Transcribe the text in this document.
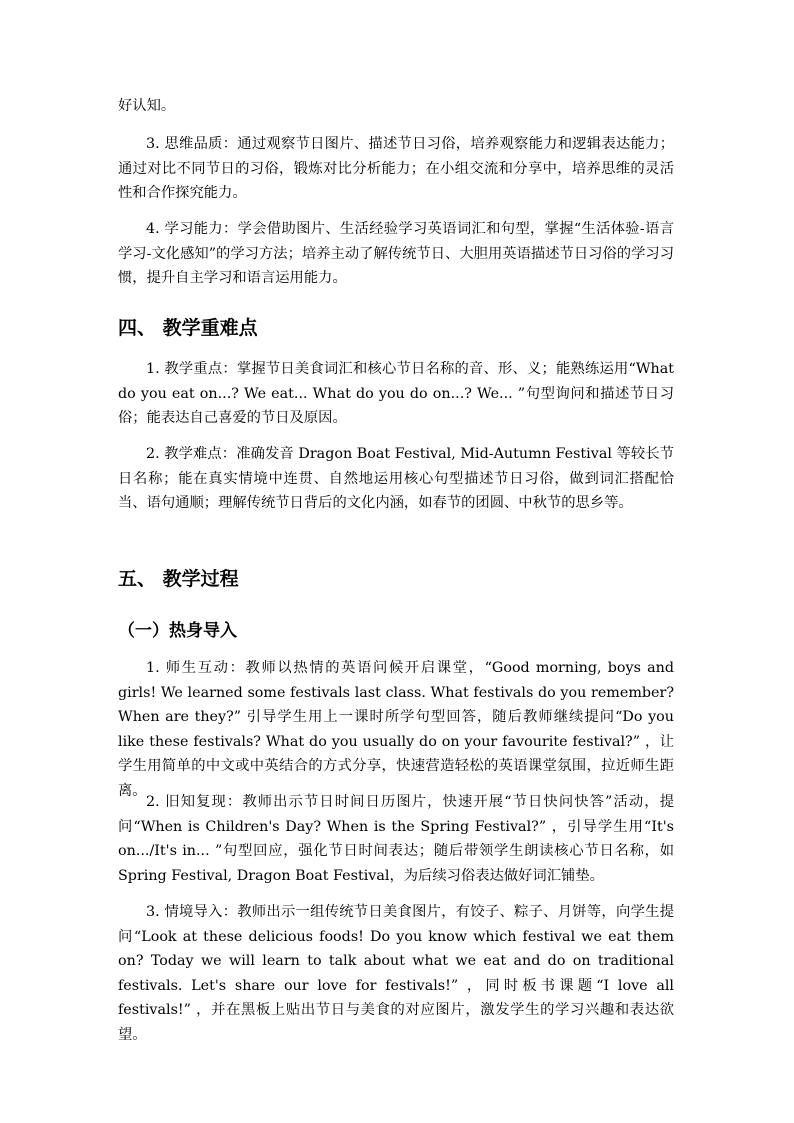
好认知。

3. 思维品质：通过观察节日图片、描述节日习俗，培养观察能力和逻辑表达能力；通过对比不同节日的习俗，锻炼对比分析能力；在小组交流和分享中，培养思维的灵活性和合作探究能力。

4. 学习能力：学会借助图片、生活经验学习英语词汇和句型，掌握“生活体验-语言学习-文化感知”的学习方法；培养主动了解传统节日、大胆用英语描述节日习俗的学习习惯，提升自主学习和语言运用能力。

四、 教学重难点

1. 教学重点：掌握节日美食词汇和核心节日名称的音、形、义；能熟练运用“What do you eat on...? We eat... What do you do on...? We... ”句型询问和描述节日习俗；能表达自己喜爱的节日及原因。

2. 教学难点：准确发音 Dragon Boat Festival, Mid-Autumn Festival 等较长节日名称；能在真实情境中连贯、自然地运用核心句型描述节日习俗，做到词汇搭配恰当、语句通顺；理解传统节日背后的文化内涵，如春节的团圆、中秋节的思乡等。

五、 教学过程
（一）热身导入

1. 师生互动：教师以热情的英语问候开启课堂，“Good morning, boys and girls! We learned some festivals last class. What festivals do you remember? When are they?” 引导学生用上一课时所学句型回答，随后教师继续提问“Do you like these festivals? What do you usually do on your favourite festival?” ，让学生用简单的中文或中英结合的方式分享，快速营造轻松的英语课堂氛围，拉近师生距离。

2. 旧知复现：教师出示节日时间日历图片，快速开展“节日快问快答”活动，提问“When is Children's Day? When is the Spring Festival?” ，引导学生用“It's on.../It's in... ”句型回应，强化节日时间表达；随后带领学生朗读核心节日名称，如 Spring Festival, Dragon Boat Festival，为后续习俗表达做好词汇铺垫。

3. 情境导入：教师出示一组传统节日美食图片，有饺子、粽子、月饼等，向学生提问“Look at these delicious foods! Do you know which festival we eat them on? Today we will learn to talk about what we eat and do on traditional festivals. Let's share our love for festivals!” ，同时板书课题“I love all festivals!” ，并在黑板上贴出节日与美食的对应图片，激发学生的学习兴趣和表达欲望。
